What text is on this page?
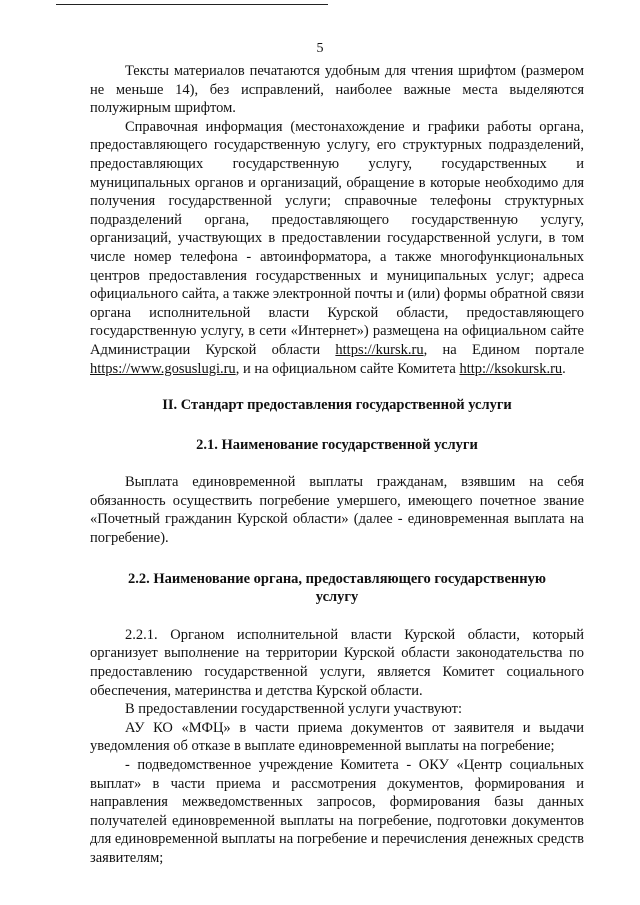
5

Тексты материалов печатаются удобным для чтения шрифтом (размером не меньше 14), без исправлений, наиболее важные места выделяются полужирным шрифтом.

Справочная информация (местонахождение и графики работы органа, предоставляющего государственную услугу, его структурных подразделений, предоставляющих государственную услугу, государственных и муниципальных органов и организаций, обращение в которые необходимо для получения государственной услуги; справочные телефоны структурных подразделений органа, предоставляющего государственную услугу, организаций, участвующих в предоставлении государственной услуги, в том числе номер телефона - автоинформатора, а также многофункциональных центров предоставления государственных и муниципальных услуг; адреса официального сайта, а также электронной почты и (или) формы обратной связи органа исполнительной власти Курской области, предоставляющего государственную услугу, в сети «Интернет») размещена на официальном сайте Администрации Курской области https://kursk.ru, на Едином портале https://www.gosuslugi.ru, и на официальном сайте Комитета http://ksokursk.ru.

II. Стандарт предоставления государственной услуги

2.1. Наименование государственной услуги

Выплата единовременной выплаты гражданам, взявшим на себя обязанность осуществить погребение умершего, имеющего почетное звание «Почетный гражданин Курской области» (далее - единовременная выплата на погребение).

2.2. Наименование органа, предоставляющего государственную услугу

2.2.1. Органом исполнительной власти Курской области, который организует выполнение на территории Курской области законодательства по предоставлению государственной услуги, является Комитет социального обеспечения, материнства и детства Курской области.

В предоставлении государственной услуги участвуют:

АУ КО «МФЦ» в части приема документов от заявителя и выдачи уведомления об отказе в выплате единовременной выплаты на погребение;

- подведомственное учреждение Комитета - ОКУ «Центр социальных выплат» в части приема и рассмотрения документов, формирования и направления межведомственных запросов, формирования базы данных получателей единовременной выплаты на погребение, подготовки документов для единовременной выплаты на погребение и перечисления денежных средств заявителям;
